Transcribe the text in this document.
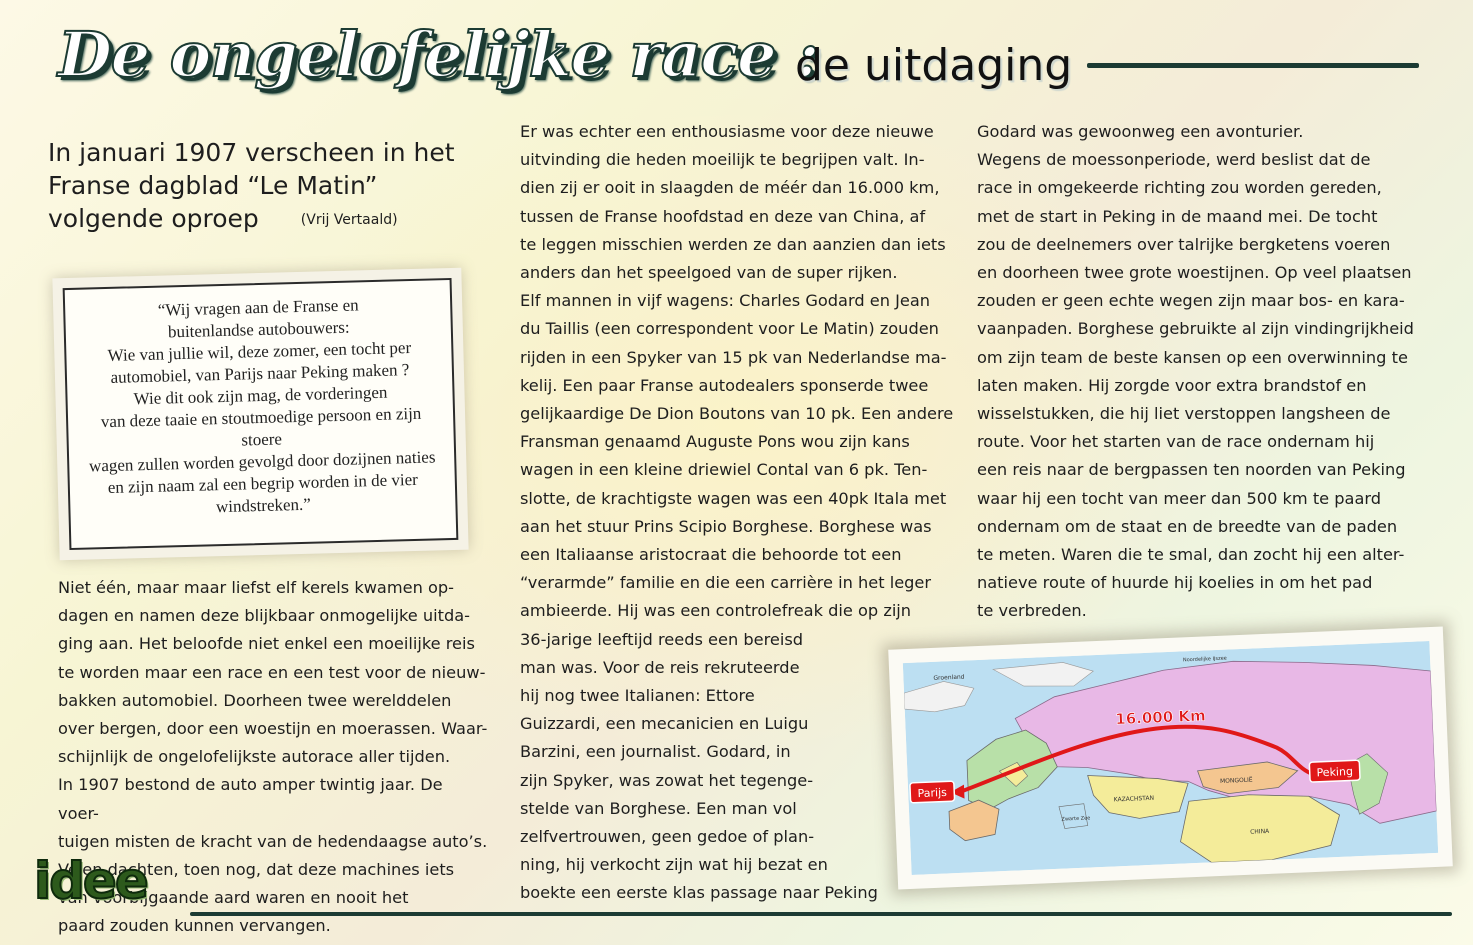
De ongelofelijke race :
de uitdaging

In januari 1907 verscheen in het Franse dagblad “Le Matin” volgende oproep	(Vrij Vertaald)

“Wij vragen aan de Franse en
buitenlandse autobouwers:
Wie van jullie wil, deze zomer, een tocht per
automobiel, van Parijs naar Peking maken ?
Wie dit ook zijn mag, de vorderingen
van deze taaie en stoutmoedige persoon en zijn stoere
wagen zullen worden gevolgd door dozijnen naties
en zijn naam zal een begrip worden in de vier
windstreken.”

Niet één, maar maar liefst elf kerels kwamen op-
dagen en namen deze blijkbaar onmogelijke uitda-
ging aan. Het beloofde niet enkel een moeilijke reis
te worden maar een race en een test voor de nieuw-
bakken automobiel. Doorheen twee werelddelen
over bergen, door een woestijn en moerassen. Waar-
schijnlijk de ongelofelijkste autorace aller tijden.
In 1907 bestond de auto amper twintig jaar. De voer-
tuigen misten de kracht van de hedendaagse auto’s.
Velen dachten, toen nog, dat deze machines iets
van voorbijgaande aard waren en nooit het
paard zouden kunnen vervangen.

Er was echter een enthousiasme voor deze nieuwe
uitvinding die heden moeilijk te begrijpen valt. In-
dien zij er ooit in slaagden de méér dan 16.000 km,
tussen de Franse hoofdstad en deze van China, af
te leggen misschien werden ze dan aanzien dan iets
anders dan het speelgoed van de super rijken.
Elf mannen in vijf wagens: Charles Godard en Jean
du Taillis (een correspondent voor Le Matin) zouden
rijden in een Spyker van 15 pk van Nederlandse ma-
kelij. Een paar Franse autodealers sponserde twee
gelijkaardige De Dion Boutons van 10 pk. Een andere
Fransman genaamd Auguste Pons wou zijn kans
wagen in een kleine driewiel Contal van 6 pk. Ten-
slotte, de krachtigste wagen was een 40pk Itala met
aan het stuur Prins Scipio Borghese. Borghese was
een Italiaanse aristocraat die behoorde tot een
“verarmde” familie en die een carrière in het leger
ambieerde. Hij was een controlefreak die op zijn
36-jarige leeftijd reeds een bereisd
man was. Voor de reis rekruteerde
hij nog twee Italianen: Ettore
Guizzardi, een mecanicien en Luigu
Barzini, een journalist. Godard, in
zijn Spyker, was zowat het tegenge-
stelde van Borghese. Een man vol
zelfvertrouwen, geen gedoe of plan-
ning, hij verkocht zijn wat hij bezat en
boekte een eerste klas passage naar Peking

Godard was gewoonweg een avonturier.
Wegens de moessonperiode, werd beslist dat de
race in omgekeerde richting zou worden gereden,
met de start in Peking in de maand mei. De tocht
zou de deelnemers over talrijke bergketens voeren
en doorheen twee grote woestijnen. Op veel plaatsen
zouden er geen echte wegen zijn maar bos- en kara-
vaanpaden. Borghese gebruikte al zijn vindingrijkheid
om zijn team de beste kansen op een overwinning te
laten maken. Hij zorgde voor extra brandstof en
wisselstukken, die hij liet verstoppen langsheen de
route. Voor het starten van de race ondernam hij
een reis naar de bergpassen ten noorden van Peking
waar hij een tocht van meer dan 500 km te paard
ondernam om de staat en de breedte van de paden
te meten. Waren die te smal, dan zocht hij een alter-
natieve route of huurde hij koelies in om het pad
te verbreden.

Parijs
Peking
16.000 Km
Groenland
KAZACHSTAN
MONGOLIË
CHINA
Zwarte Zee
Noordelijke IJszee
idee
